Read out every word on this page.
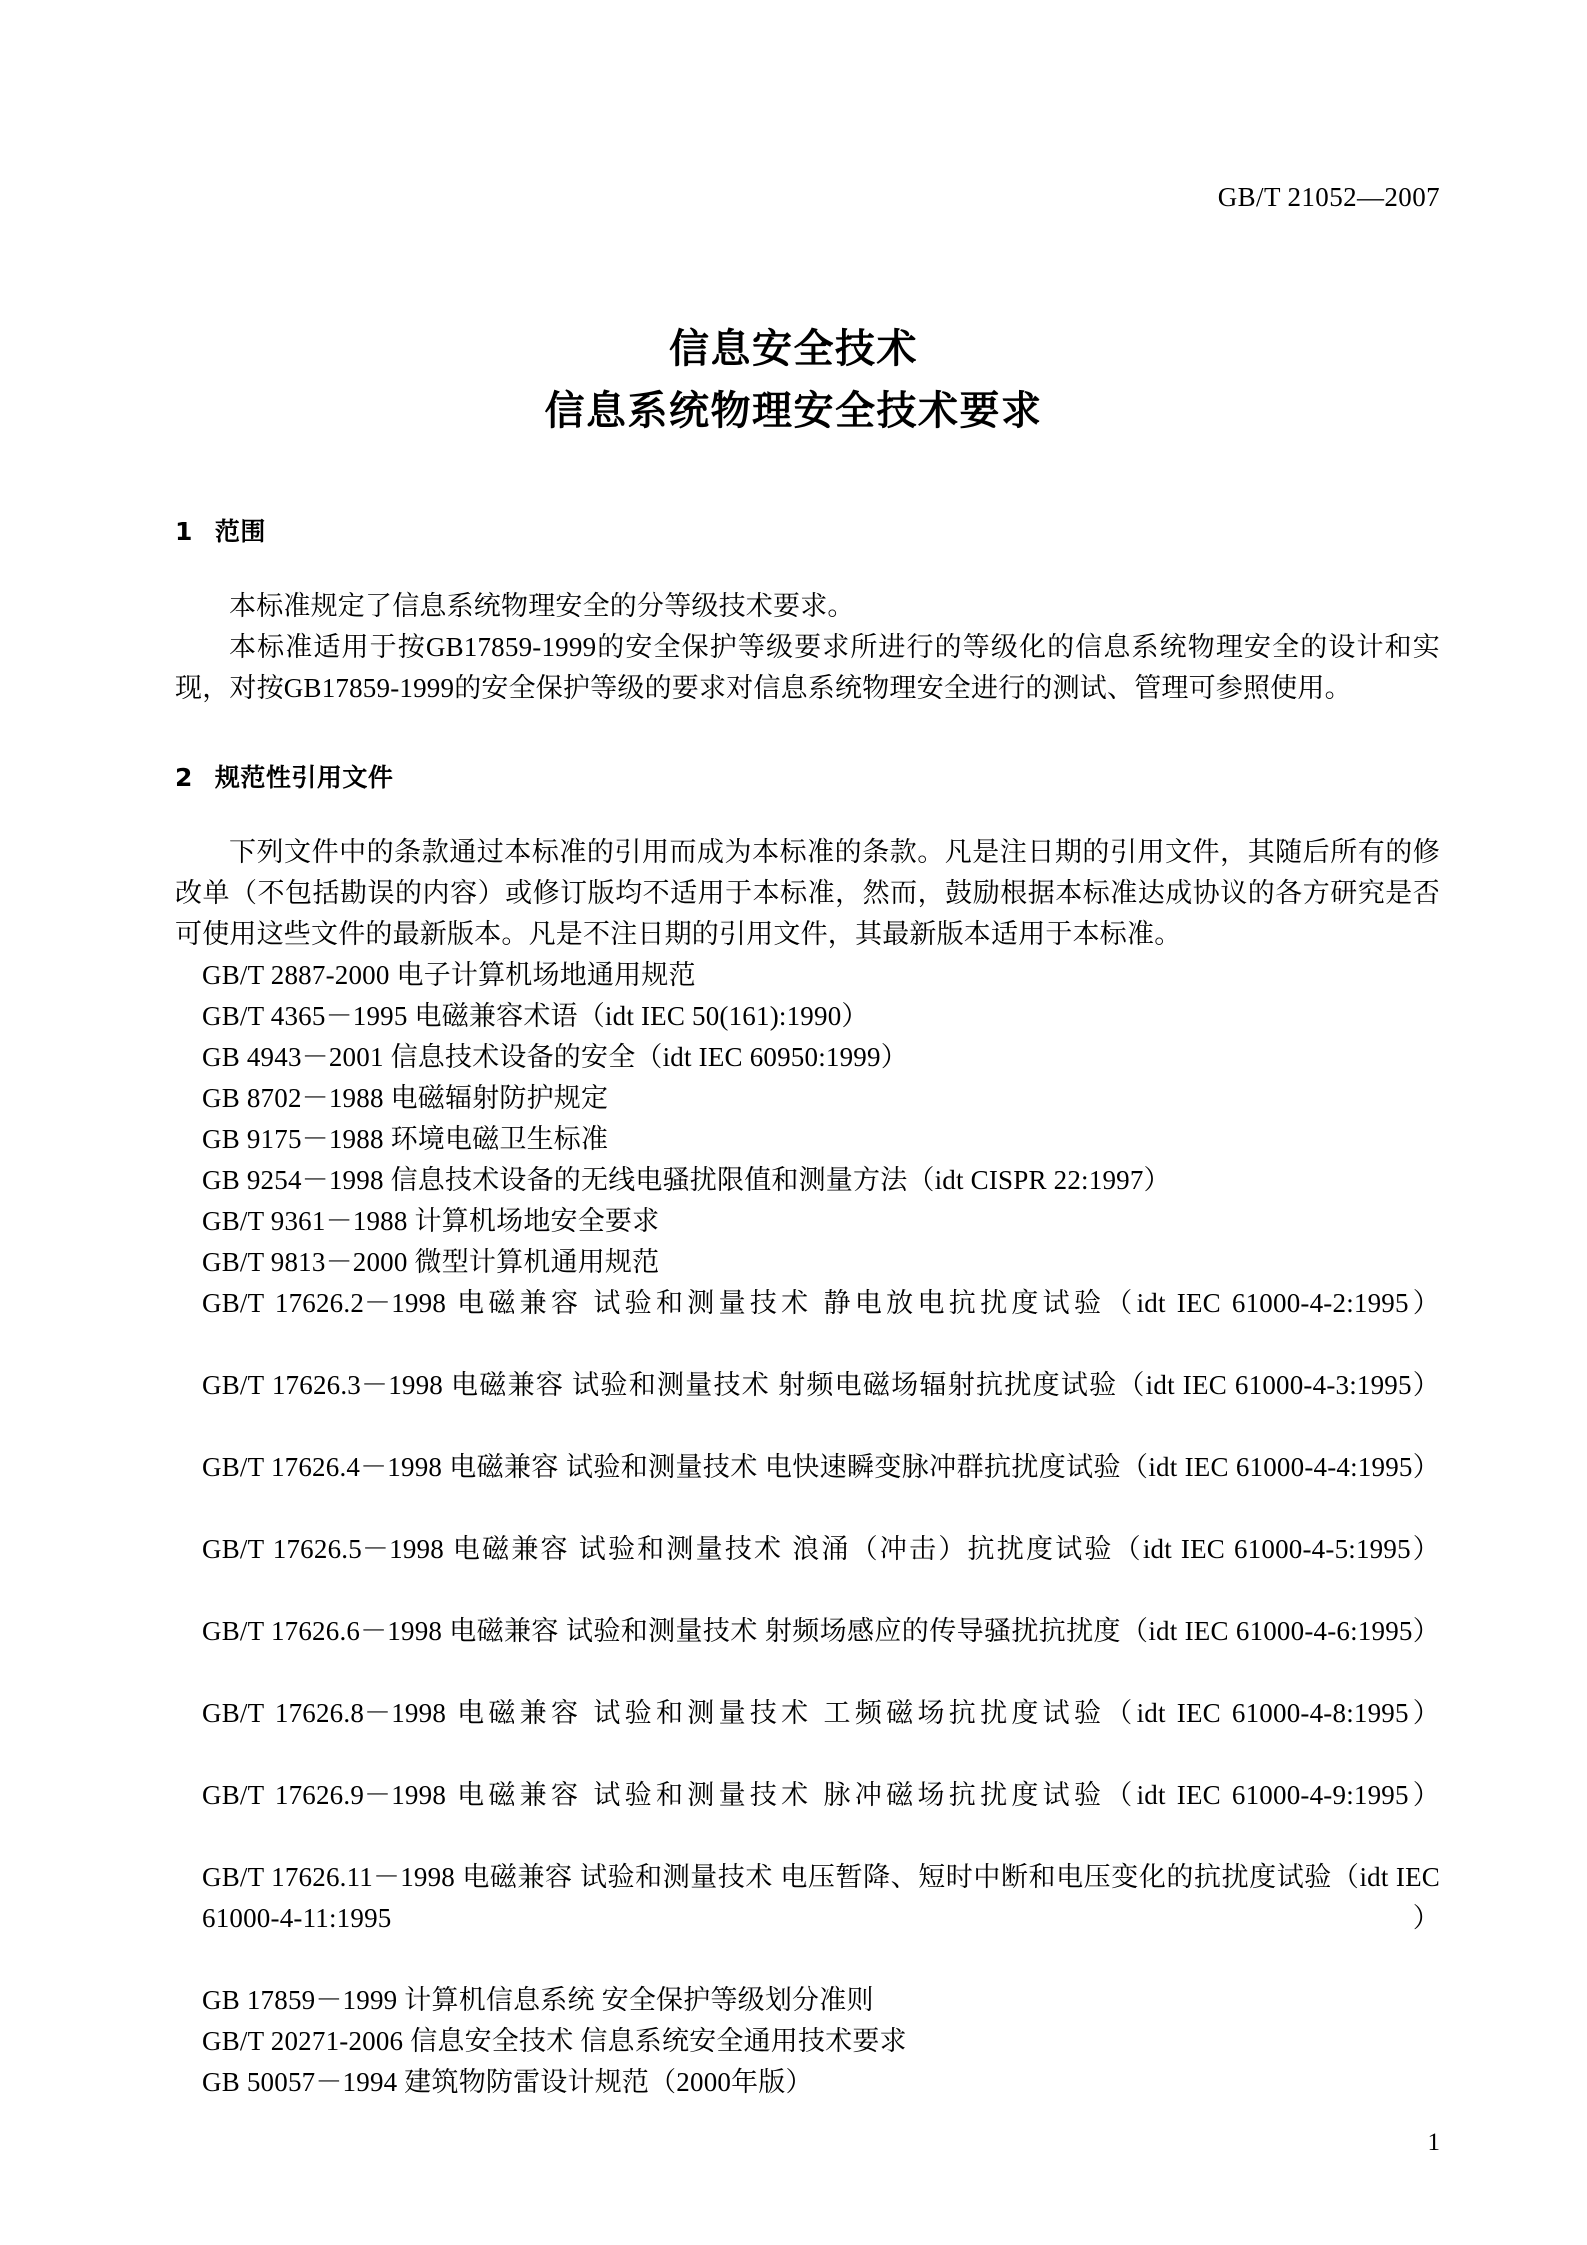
GB/T 21052—2007
信息安全技术
信息系统物理安全技术要求
1 范围

本标准规定了信息系统物理安全的分等级技术要求。

本标准适用于按GB17859-1999的安全保护等级要求所进行的等级化的信息系统物理安全的设计和实现，对按GB17859-1999的安全保护等级的要求对信息系统物理安全进行的测试、管理可参照使用。

2 规范性引用文件

下列文件中的条款通过本标准的引用而成为本标准的条款。凡是注日期的引用文件，其随后所有的修改单（不包括勘误的内容）或修订版均不适用于本标准，然而，鼓励根据本标准达成协议的各方研究是否可使用这些文件的最新版本。凡是不注日期的引用文件，其最新版本适用于本标准。

GB/T 2887-2000 电子计算机场地通用规范
GB/T 4365－1995 电磁兼容术语（idt IEC 50(161):1990）
GB 4943－2001 信息技术设备的安全（idt IEC 60950:1999）
GB 8702－1988 电磁辐射防护规定
GB 9175－1988 环境电磁卫生标准
GB 9254－1998 信息技术设备的无线电骚扰限值和测量方法（idt CISPR 22:1997）
GB/T 9361－1988 计算机场地安全要求
GB/T 9813－2000 微型计算机通用规范
GB/T 17626.2－1998 电磁兼容 试验和测量技术 静电放电抗扰度试验（idt IEC 61000-4-2:1995）
GB/T 17626.3－1998 电磁兼容 试验和测量技术 射频电磁场辐射抗扰度试验（idt IEC 61000-4-3:1995）
GB/T 17626.4－1998 电磁兼容 试验和测量技术 电快速瞬变脉冲群抗扰度试验（idt IEC 61000-4-4:1995）
GB/T 17626.5－1998 电磁兼容 试验和测量技术 浪涌（冲击）抗扰度试验（idt IEC 61000-4-5:1995）
GB/T 17626.6－1998 电磁兼容 试验和测量技术 射频场感应的传导骚扰抗扰度（idt IEC 61000-4-6:1995）
GB/T 17626.8－1998 电磁兼容 试验和测量技术 工频磁场抗扰度试验（idt IEC 61000-4-8:1995）
GB/T 17626.9－1998 电磁兼容 试验和测量技术 脉冲磁场抗扰度试验（idt IEC 61000-4-9:1995）
GB/T 17626.11－1998 电磁兼容 试验和测量技术 电压暂降、短时中断和电压变化的抗扰度试验（idt IEC 61000-4-11:1995）
GB 17859－1999 计算机信息系统 安全保护等级划分准则
GB/T 20271-2006 信息安全技术 信息系统安全通用技术要求
GB 50057－1994 建筑物防雷设计规范（2000年版）
1
